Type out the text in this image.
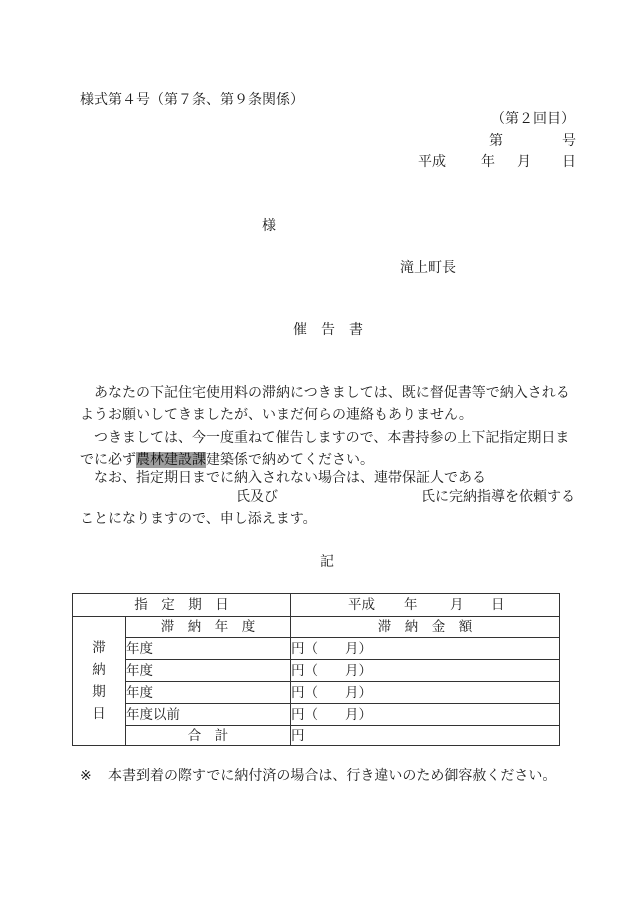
様式第４号（第７条、第９条関係）
（第２回目）
第	号
平成	年 月 日
様
滝上町長
催　告　書
あなたの下記住宅使用料の滞納につきましては、既に督促書等で納入される
ようお願いしてきましたが、いまだ何らの連絡もありません。
つきましては、今一度重ねて催告しますので、本書持参の上下記指定期日ま
でに必ず農林建設課建築係で納めてください。
なお、指定期日までに納入されない場合は、連帯保証人である
氏及び	氏に完納指導を依頼する
ことになりますので、申し添えます。
記
指　定　期　日		平成 年 月 日

滞納期日	滞　納　年　度	滞　納　金　額
	年度	円（　　月）
	年度	円（　　月）
	年度	円（　　月）
	年度以前	円（　　月）
	合　計	円
※ 本書到着の際すでに納付済の場合は、行き違いのため御容赦ください。
